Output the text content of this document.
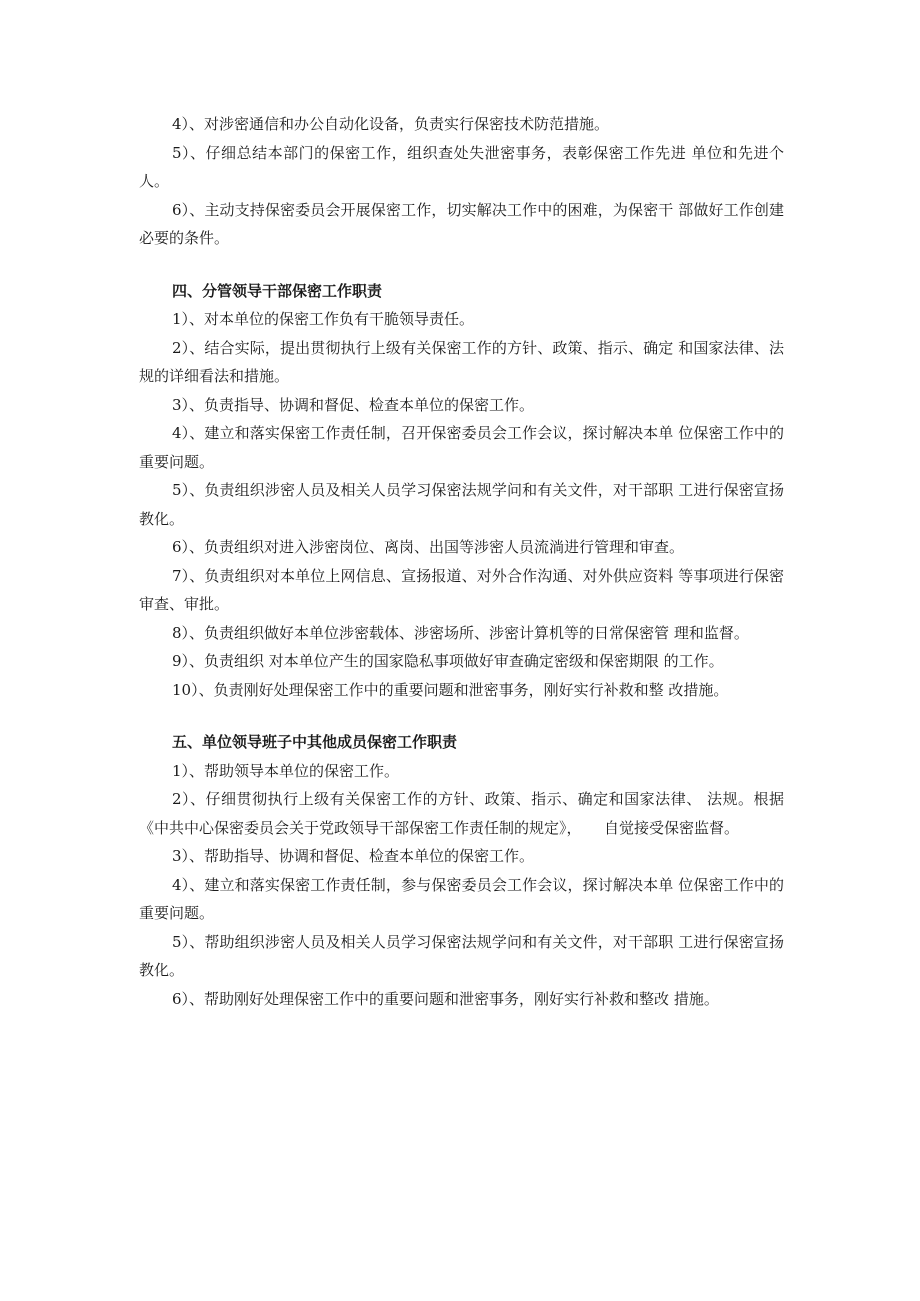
4）、对涉密通信和办公自动化设备，负责实行保密技术防范措施。

5）、仔细总结本部门的保密工作，组织查处失泄密事务，表彰保密工作先进 单位和先进个人。

6）、主动支持保密委员会开展保密工作，切实解决工作中的困难，为保密干 部做好工作创建必要的条件。

四、分管领导干部保密工作职责

1）、对本单位的保密工作负有干脆领导责任。

2）、结合实际，提出贯彻执行上级有关保密工作的方针、政策、指示、确定 和国家法律、法规的详细看法和措施。

3）、负责指导、协调和督促、检查本单位的保密工作。

4）、建立和落实保密工作责任制，召开保密委员会工作会议，探讨解决本单 位保密工作中的重要问题。

5）、负责组织涉密人员及相关人员学习保密法规学问和有关文件，对干部职 工进行保密宣扬教化。

6）、负责组织对进入涉密岗位、离岗、出国等涉密人员流淌进行管理和审查。

7）、负责组织对本单位上网信息、宣扬报道、对外合作沟通、对外供应资料 等事项进行保密审查、审批。

8）、负责组织做好本单位涉密载体、涉密场所、涉密计算机等的日常保密管 理和监督。

9）、负责组织 对本单位产生的国家隐私事项做好审查确定密级和保密期限 的工作。

10）、负责刚好处理保密工作中的重要问题和泄密事务，刚好实行补救和整 改措施。

五、单位领导班子中其他成员保密工作职责

1）、帮助领导本单位的保密工作。

2）、仔细贯彻执行上级有关保密工作的方针、政策、指示、确定和国家法律、 法规。根据《中共中心保密委员会关于党政领导干部保密工作责任制的规定》，　　自觉接受保密监督。

3）、帮助指导、协调和督促、检查本单位的保密工作。

4）、建立和落实保密工作责任制，参与保密委员会工作会议，探讨解决本单 位保密工作中的重要问题。

5）、帮助组织涉密人员及相关人员学习保密法规学问和有关文件，对干部职 工进行保密宣扬教化。

6）、帮助刚好处理保密工作中的重要问题和泄密事务，刚好实行补救和整改 措施。
